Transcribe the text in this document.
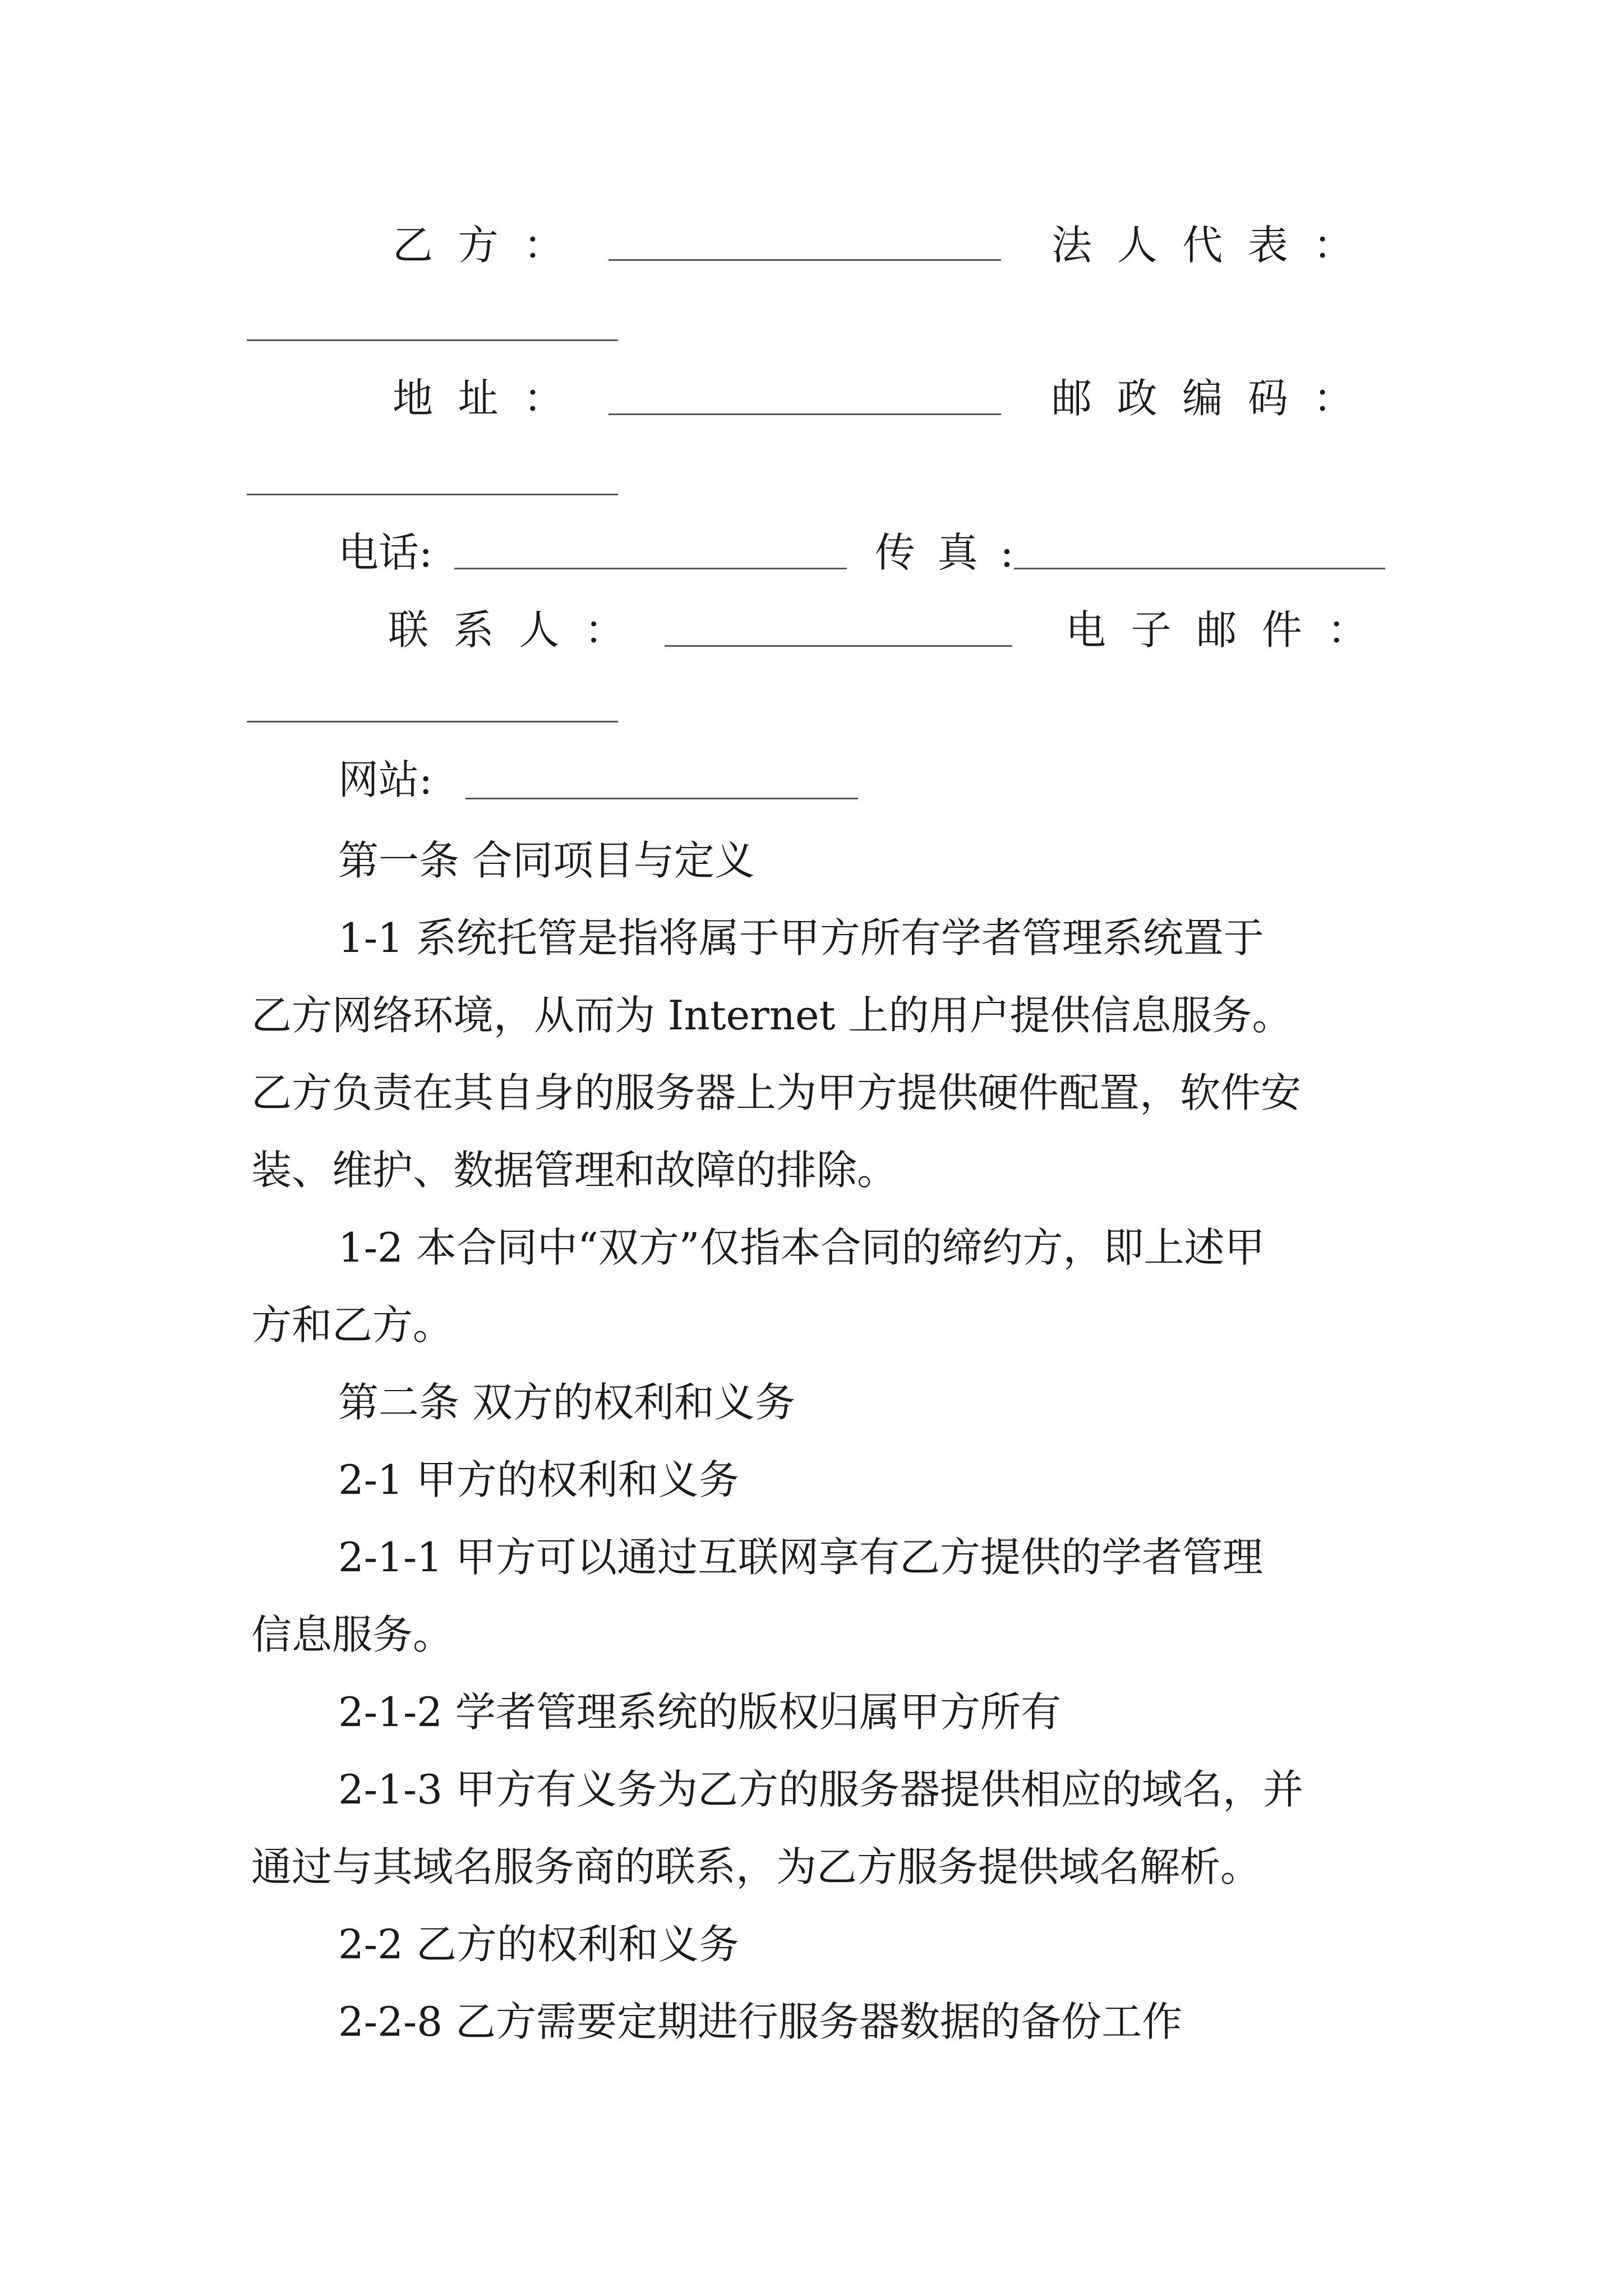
乙方：	法人代表：
地址：	邮政编码：
电话:	传真:
联系人：	电子邮件：
网站:
第一条 合同项目与定义
1-1 系统托管是指将属于甲方所有学者管理系统置于
乙方网络环境，从而为 Internet 上的用户提供信息服务。
乙方负责在其自身的服务器上为甲方提供硬件配置，软件安
装、维护、数据管理和故障的排除。
1-2 本合同中“双方”仅指本合同的缔约方，即上述甲
方和乙方。
第二条 双方的权利和义务
2-1 甲方的权利和义务
2-1-1 甲方可以通过互联网享有乙方提供的学者管理
信息服务。
2-1-2 学者管理系统的版权归属甲方所有
2-1-3 甲方有义务为乙方的服务器提供相应的域名，并
通过与其域名服务商的联系，为乙方服务提供域名解析。
2-2 乙方的权利和义务
2-2-8 乙方需要定期进行服务器数据的备份工作
